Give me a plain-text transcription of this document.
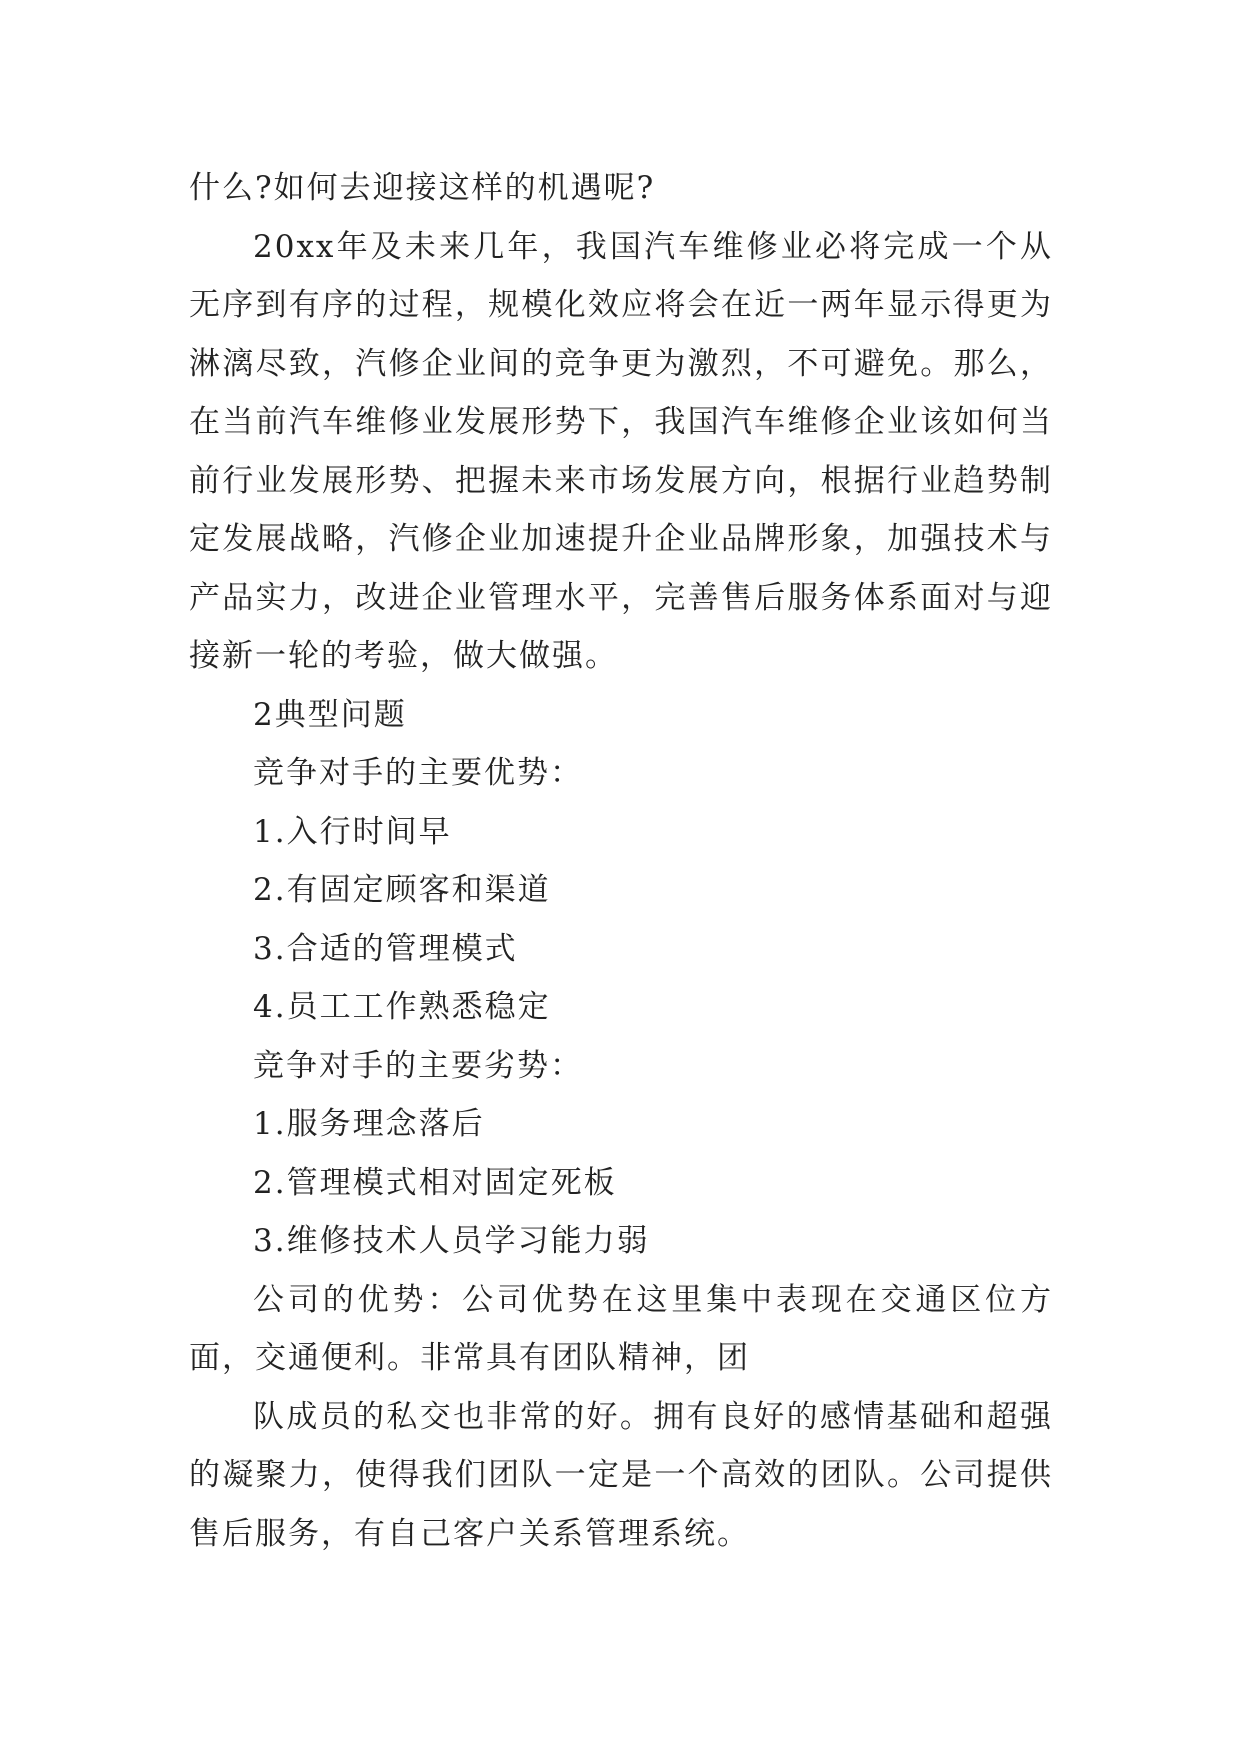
什么?如何去迎接这样的机遇呢?

20xx年及未来几年，我国汽车维修业必将完成一个从无序到有序的过程，规模化效应将会在近一两年显示得更为淋漓尽致，汽修企业间的竞争更为激烈，不可避免。那么，在当前汽车维修业发展形势下，我国汽车维修企业该如何当前行业发展形势、把握未来市场发展方向，根据行业趋势制定发展战略，汽修企业加速提升企业品牌形象，加强技术与产品实力，改进企业管理水平，完善售后服务体系面对与迎接新一轮的考验，做大做强。

2典型问题

竞争对手的主要优势：

1.入行时间早

2.有固定顾客和渠道

3.合适的管理模式

4.员工工作熟悉稳定

竞争对手的主要劣势：

1.服务理念落后

2.管理模式相对固定死板

3.维修技术人员学习能力弱

公司的优势：公司优势在这里集中表现在交通区位方面，交通便利。非常具有团队精神，团

队成员的私交也非常的好。拥有良好的感情基础和超强的凝聚力，使得我们团队一定是一个高效的团队。公司提供售后服务，有自己客户关系管理系统。
